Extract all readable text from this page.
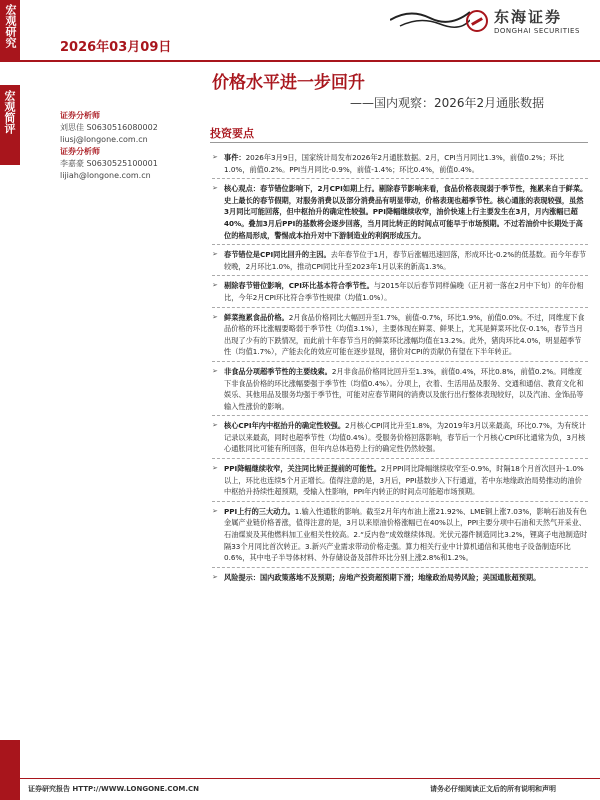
宏观研究
宏观简评
2026年03月09日
东海证券
DONGHAI SECURITIES
价格水平进一步回升
——国内观察：2026年2月通胀数据
证券分析师
刘思佳 S0630516080002
liusj@longone.com.cn
证券分析师
李嘉豪 S0630525100001
lijiah@longone.com.cn
投资要点
➢ 事件：2026年3月9日，国家统计局发布2026年2月通胀数据。2月，CPI当月同比1.3%，前值0.2%；环比1.0%，前值0.2%。PPI当月同比-0.9%，前值-1.4%；环比0.4%，前值0.4%。
➢ 核心观点：春节错位影响下，2月CPI如期上行。剔除春节影响来看，食品价格表现弱于季节性，拖累来自于鲜菜。史上最长的春节假期，对服务消费以及部分消费品有明显带动，价格表现也超季节性。核心通胀的表现较强，虽然3月同比可能回落，但中枢抬升的确定性较强。PPI降幅继续收窄，油价快速上行主要发生在3月，月内涨幅已超40%。叠加3月后PPI的基数将会逐步回落，当月同比转正的时间点可能早于市场预期。不过若油价中长期处于高位的格局形成，警惕成本抬升对中下游制造业的利润形成压力。
➢ 春节错位是CPI同比回升的主因。去年春节位于1月，春节后涨幅迅速回落，形成环比-0.2%的低基数。而今年春节较晚，2月环比1.0%，推动CPI同比升至2023年1月以来的新高1.3%。
➢ 剔除春节错位影响，CPI环比基本符合季节性。与2015年以后春节同样偏晚（正月初一落在2月中下旬）的年份相比，今年2月CPI环比符合季节性规律（均值1.0%）。
➢ 鲜菜拖累食品价格。2月食品价格同比大幅回升至1.7%，前值-0.7%，环比1.9%，前值0.0%。不过，同维度下食品价格的环比涨幅要略弱于季节性（均值3.1%），主要体现在鲜菜、鲜果上，尤其是鲜菜环比仅-0.1%，春节当月出现了少有的下跌情况，而此前十年春节当月的鲜菜环比涨幅均值在13.2%。此外，猪肉环比4.0%，明显超季节性（均值1.7%），产能去化的效应可能在逐步显现，猪价对CPI的贡献仍有望在下半年转正。
➢ 非食品分项超季节性的主要线索。2月非食品价格同比回升至1.3%，前值0.4%，环比0.8%，前值0.2%。同维度下非食品价格的环比涨幅要强于季节性（均值0.4%）。分项上，衣着、生活用品及服务、交通和通信、教育文化和娱乐、其他用品及服务均强于季节性，可能对应春节期间的消费以及旅行出行整体表现较好，以及汽油、金饰品等输入性涨价的影响。
➢ 核心CPI年内中枢抬升的确定性较强。2月核心CPI同比升至1.8%，为2019年3月以来最高，环比0.7%，为有统计记录以来最高，同时也超季节性（均值0.4%）。受服务价格回落影响，春节后一个月核心CPI环比通常为负，3月核心通胀同比可能有所回落，但年内总体趋势上行的确定性仍然较强。
➢ PPI降幅继续收窄，关注同比转正提前的可能性。2月PPI同比降幅继续收窄至-0.9%，时隔18个月首次回升-1.0%以上，环比也连续5个月正增长。值得注意的是，3月后，PPI基数步入下行通道，若中东地缘政治局势推动的油价中枢抬升持续性超预期，受输入性影响，PPI年内转正的时间点可能超市场预期。
➢ PPI上行的三大动力。1.输入性通胀的影响。截至2月年内布油上涨21.92%、LME铜上涨7.03%，影响石油及有色金属产业链价格普涨，值得注意的是，3月以来原油价格涨幅已在40%以上，PPI主要分项中石油和天然气开采业、石油煤炭及其他燃料加工业相关性较高。2.“反内卷”成效继续体现。光伏元器件制造同比3.2%，锂离子电池制造时隔33个月同比首次转正。3.新兴产业需求带动价格走强。算力相关行业中计算机通信和其他电子设备制造环比0.6%，其中电子半导体材料、外存储设备及部件环比分别上涨2.8%和1.2%。
➢ 风险提示：国内政策落地不及预期；房地产投资超预期下滑；地缘政治局势风险；美国通胀超预期。
证券研究报告 HTTP://WWW.LONGONE.COM.CN	请务必仔细阅读正文后的所有说明和声明
